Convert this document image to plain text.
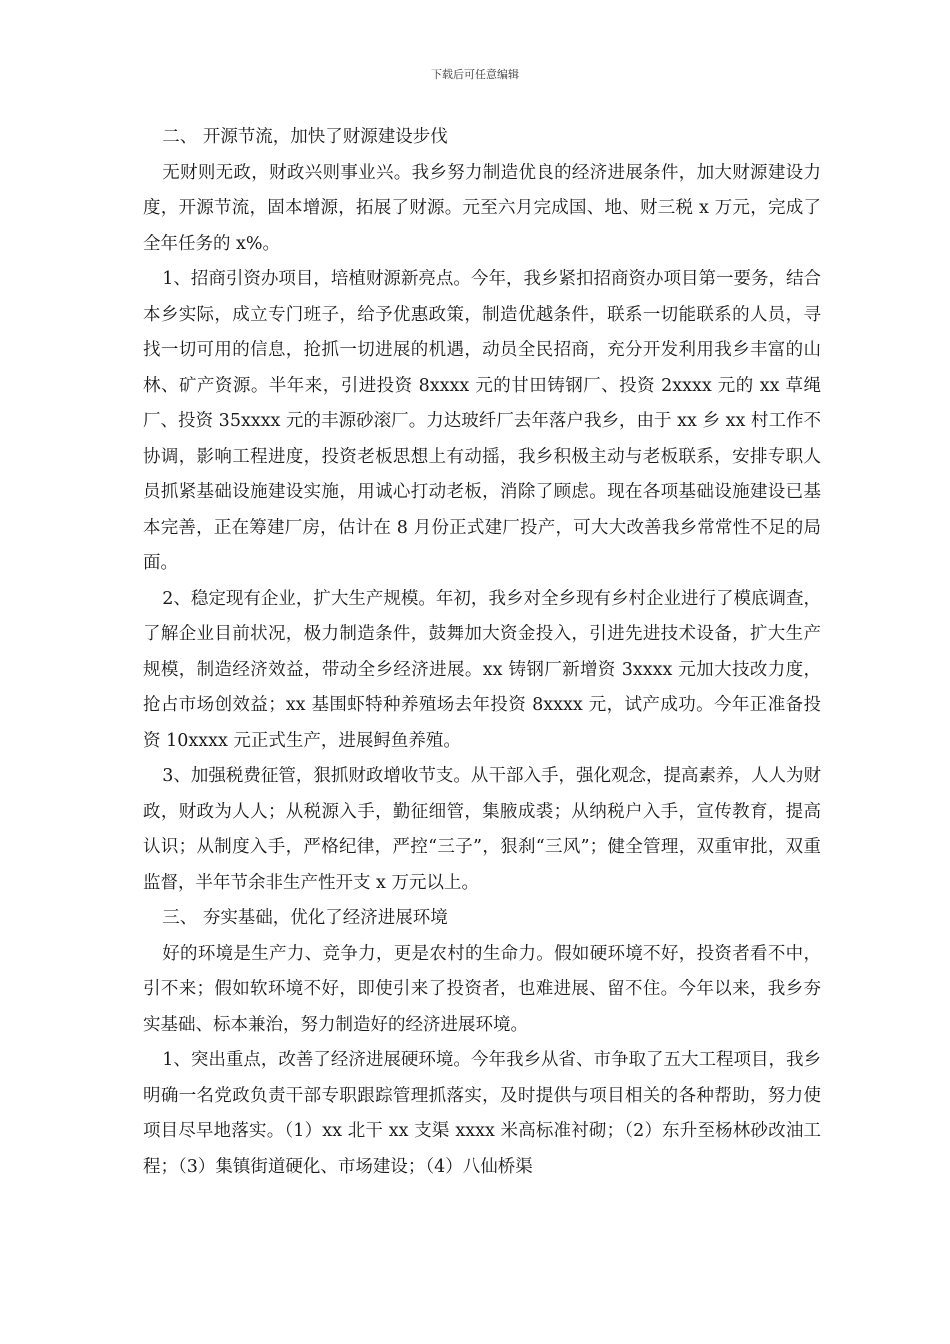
下载后可任意编辑

二、 开源节流，加快了财源建设步伐

无财则无政，财政兴则事业兴。我乡努力制造优良的经济进展条件，加大财源建设力度，开源节流，固本增源，拓展了财源。元至六月完成国、地、财三税 x 万元，完成了全年任务的 x%。

1、招商引资办项目，培植财源新亮点。今年，我乡紧扣招商资办项目第一要务，结合本乡实际，成立专门班子，给予优惠政策，制造优越条件，联系一切能联系的人员，寻找一切可用的信息，抢抓一切进展的机遇，动员全民招商，充分开发利用我乡丰富的山林、矿产资源。半年来，引进投资 8xxxx 元的甘田铸钢厂、投资 2xxxx 元的 xx 草绳厂、投资 35xxxx 元的丰源砂滚厂。力达玻纤厂去年落户我乡，由于 xx 乡 xx 村工作不协调，影响工程进度，投资老板思想上有动摇，我乡积极主动与老板联系，安排专职人员抓紧基础设施建设实施，用诚心打动老板，消除了顾虑。现在各项基础设施建设已基本完善，正在筹建厂房，估计在 8 月份正式建厂投产，可大大改善我乡常常性不足的局面。

2、稳定现有企业，扩大生产规模。年初，我乡对全乡现有乡村企业进行了模底调查，了解企业目前状况，极力制造条件，鼓舞加大资金投入，引进先进技术设备，扩大生产规模，制造经济效益，带动全乡经济进展。xx 铸钢厂新增资 3xxxx 元加大技改力度，抢占市场创效益；xx 基围虾特种养殖场去年投资 8xxxx 元，试产成功。今年正准备投资 10xxxx 元正式生产，进展鲟鱼养殖。

3、加强税费征管，狠抓财政增收节支。从干部入手，强化观念，提高素养，人人为财政，财政为人人；从税源入手，勤征细管，集腋成裘；从纳税户入手，宣传教育，提高认识；从制度入手，严格纪律，严控“三子”，狠刹“三风”；健全管理，双重审批，双重监督，半年节余非生产性开支 x 万元以上。

三、 夯实基础，优化了经济进展环境

好的环境是生产力、竞争力，更是农村的生命力。假如硬环境不好，投资者看不中，引不来；假如软环境不好，即使引来了投资者，也难进展、留不住。今年以来，我乡夯实基础、标本兼治，努力制造好的经济进展环境。

1、突出重点，改善了经济进展硬环境。今年我乡从省、市争取了五大工程项目，我乡明确一名党政负责干部专职跟踪管理抓落实，及时提供与项目相关的各种帮助，努力使项目尽早地落实。（1）xx 北干 xx 支渠 xxxx 米高标准衬砌；（2）东升至杨林砂改油工程；（3）集镇街道硬化、市场建设；（4）八仙桥渠
